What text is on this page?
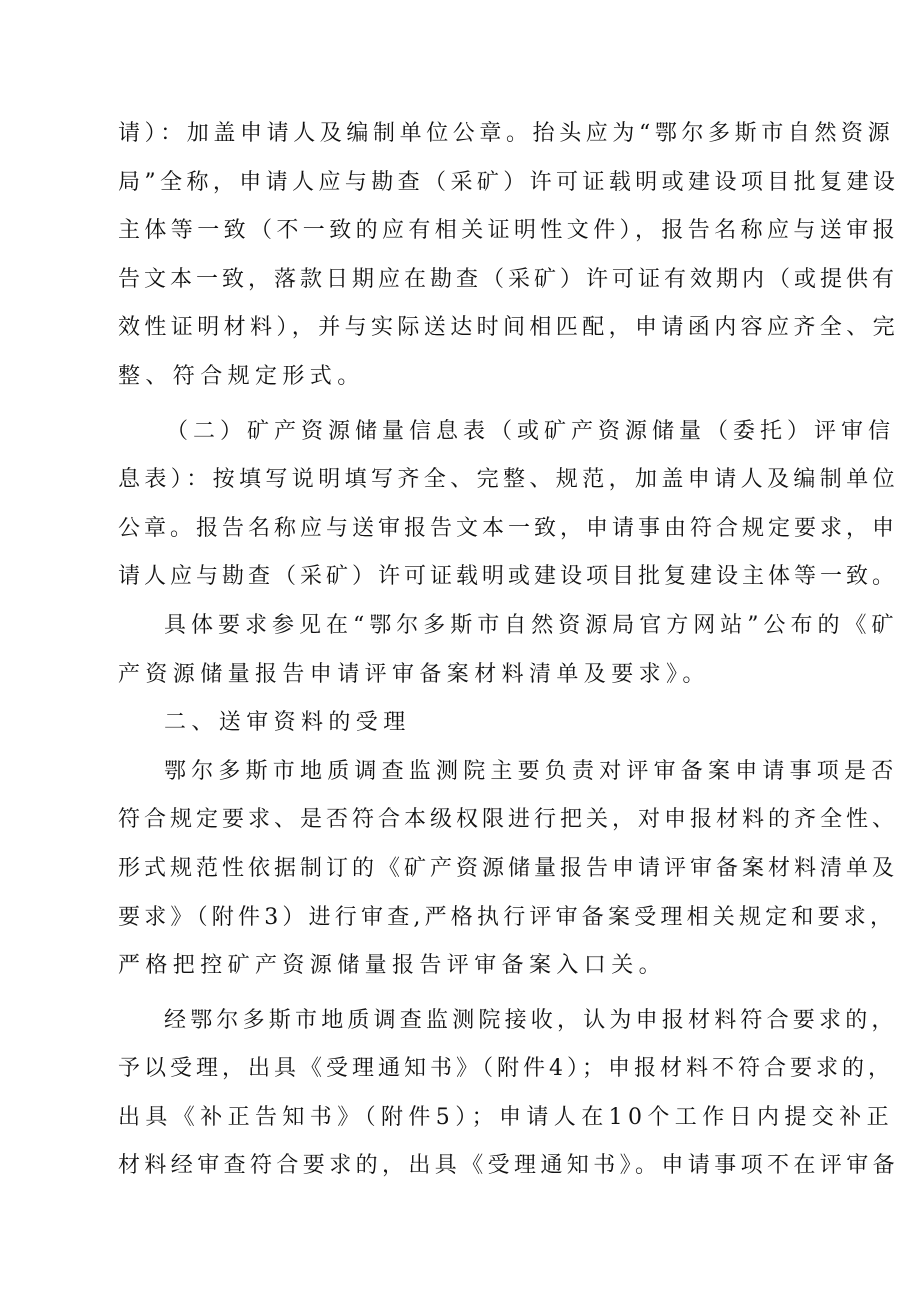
请）：加盖申请人及编制单位公章。抬头应为“鄂尔多斯市自然资源
局”全称，申请人应与勘查（采矿）许可证载明或建设项目批复建设
主体等一致（不一致的应有相关证明性文件），报告名称应与送审报
告文本一致，落款日期应在勘查（采矿）许可证有效期内（或提供有
效性证明材料），并与实际送达时间相匹配，申请函内容应齐全、完
整、符合规定形式。
（二）矿产资源储量信息表（或矿产资源储量（委托）评审信
息表）：按填写说明填写齐全、完整、规范，加盖申请人及编制单位
公章。报告名称应与送审报告文本一致，申请事由符合规定要求，申
请人应与勘查（采矿）许可证载明或建设项目批复建设主体等一致。
具体要求参见在“鄂尔多斯市自然资源局官方网站”公布的《矿
产资源储量报告申请评审备案材料清单及要求》。
二、送审资料的受理
鄂尔多斯市地质调查监测院主要负责对评审备案申请事项是否
符合规定要求、是否符合本级权限进行把关，对申报材料的齐全性、
形式规范性依据制订的《矿产资源储量报告申请评审备案材料清单及
要求》（附件3）进行审查,严格执行评审备案受理相关规定和要求，
严格把控矿产资源储量报告评审备案入口关。
经鄂尔多斯市地质调查监测院接收，认为申报材料符合要求的，
予以受理，出具《受理通知书》（附件4）；申报材料不符合要求的，
出具《补正告知书》（附件5）；申请人在10个工作日内提交补正
材料经审查符合要求的，出具《受理通知书》。申请事项不在评审备
